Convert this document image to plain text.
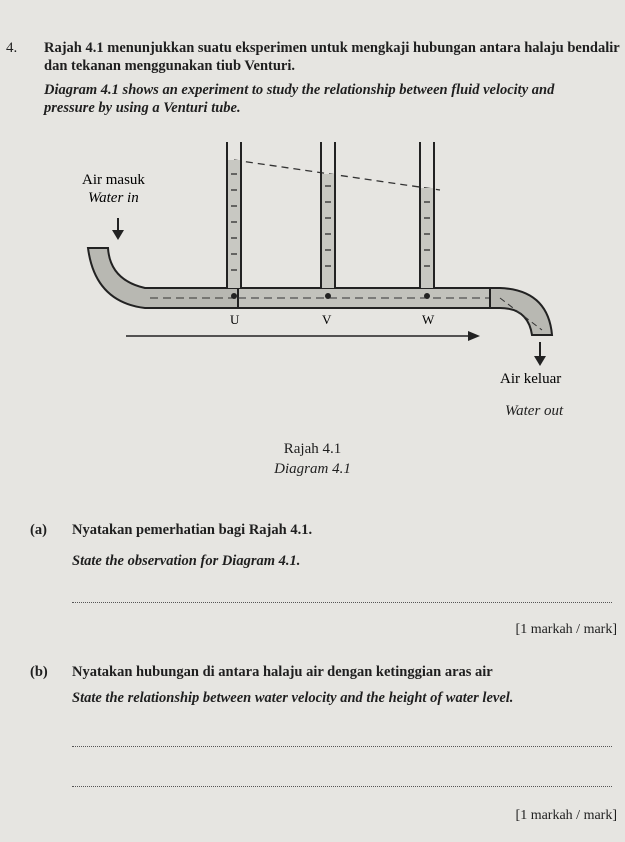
4. Rajah 4.1 menunjukkan suatu eksperimen untuk mengkaji hubungan antara halaju bendalir
dan tekanan menggunakan tiub Venturi.
Diagram 4.1 shows an experiment to study the relationship between fluid velocity and
pressure by using a Venturi tube.
Air masuk
Water in
U	V	W
Air keluar
Water out
Rajah 4.1
Diagram 4.1
(a) Nyatakan pemerhatian bagi Rajah 4.1.
State the observation for Diagram 4.1.
[1 markah / mark]
(b) Nyatakan hubungan di antara halaju air dengan ketinggian aras air
State the relationship between water velocity and the height of water level.
[1 markah / mark]
